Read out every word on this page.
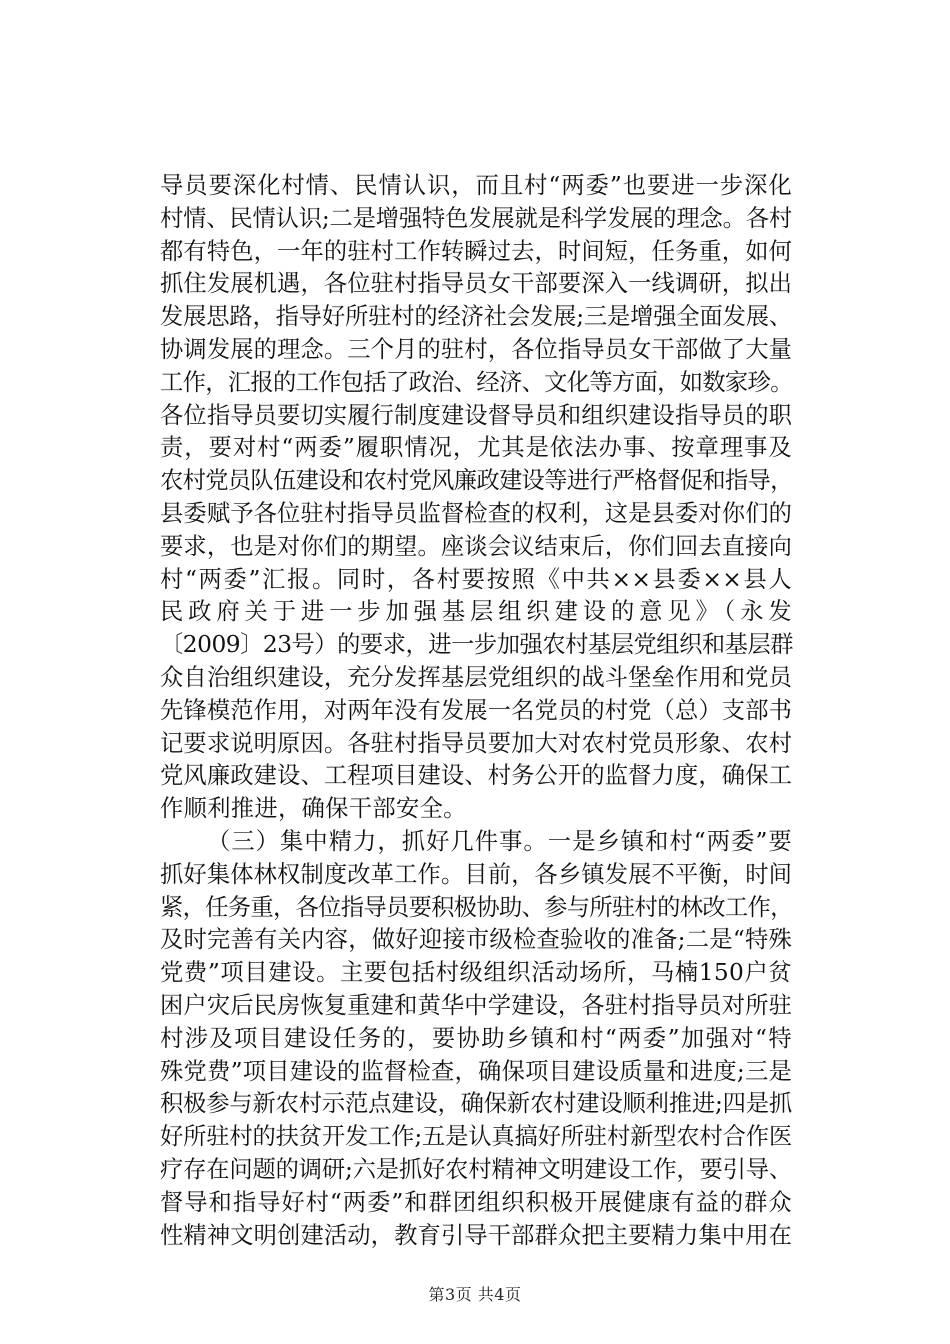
导员要深化村情、民情认识，而且村“两委”也要进一步深化
村情、民情认识;二是增强特色发展就是科学发展的理念。各村
都有特色，一年的驻村工作转瞬过去，时间短，任务重，如何
抓住发展机遇，各位驻村指导员女干部要深入一线调研，拟出
发展思路，指导好所驻村的经济社会发展;三是增强全面发展、
协调发展的理念。三个月的驻村，各位指导员女干部做了大量
工作，汇报的工作包括了政治、经济、文化等方面，如数家珍。
各位指导员要切实履行制度建设督导员和组织建设指导员的职
责，要对村“两委”履职情况，尤其是依法办事、按章理事及
农村党员队伍建设和农村党风廉政建设等进行严格督促和指导，
县委赋予各位驻村指导员监督检查的权利，这是县委对你们的
要求，也是对你们的期望。座谈会议结束后，你们回去直接向
村“两委”汇报。同时，各村要按照《中共××县委××县人
民政府关于进一步加强基层组织建设的意见》（永发
〔2009〕23号）的要求，进一步加强农村基层党组织和基层群
众自治组织建设，充分发挥基层党组织的战斗堡垒作用和党员
先锋模范作用，对两年没有发展一名党员的村党（总）支部书
记要求说明原因。各驻村指导员要加大对农村党员形象、农村
党风廉政建设、工程项目建设、村务公开的监督力度，确保工
作顺利推进，确保干部安全。
（三）集中精力，抓好几件事。一是乡镇和村“两委”要
抓好集体林权制度改革工作。目前，各乡镇发展不平衡，时间
紧，任务重，各位指导员要积极协助、参与所驻村的林改工作，
及时完善有关内容，做好迎接市级检查验收的准备;二是“特殊
党费”项目建设。主要包括村级组织活动场所，马楠150户贫
困户灾后民房恢复重建和黄华中学建设，各驻村指导员对所驻
村涉及项目建设任务的，要协助乡镇和村“两委”加强对“特
殊党费”项目建设的监督检查，确保项目建设质量和进度;三是
积极参与新农村示范点建设，确保新农村建设顺利推进;四是抓
好所驻村的扶贫开发工作;五是认真搞好所驻村新型农村合作医
疗存在问题的调研;六是抓好农村精神文明建设工作，要引导、
督导和指导好村“两委”和群团组织积极开展健康有益的群众
性精神文明创建活动，教育引导干部群众把主要精力集中用在
第3页 共4页
